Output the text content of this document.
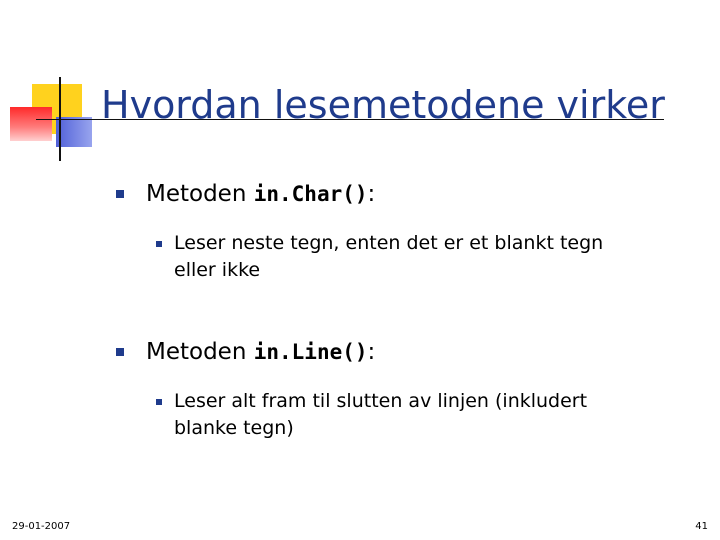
Hvordan lesemetodene virker
Metoden in.Char():
Leser neste tegn, enten det er et blankt tegn eller ikke
Metoden in.Line():
Leser alt fram til slutten av linjen (inkludert blanke tegn)
29-01-2007	41
